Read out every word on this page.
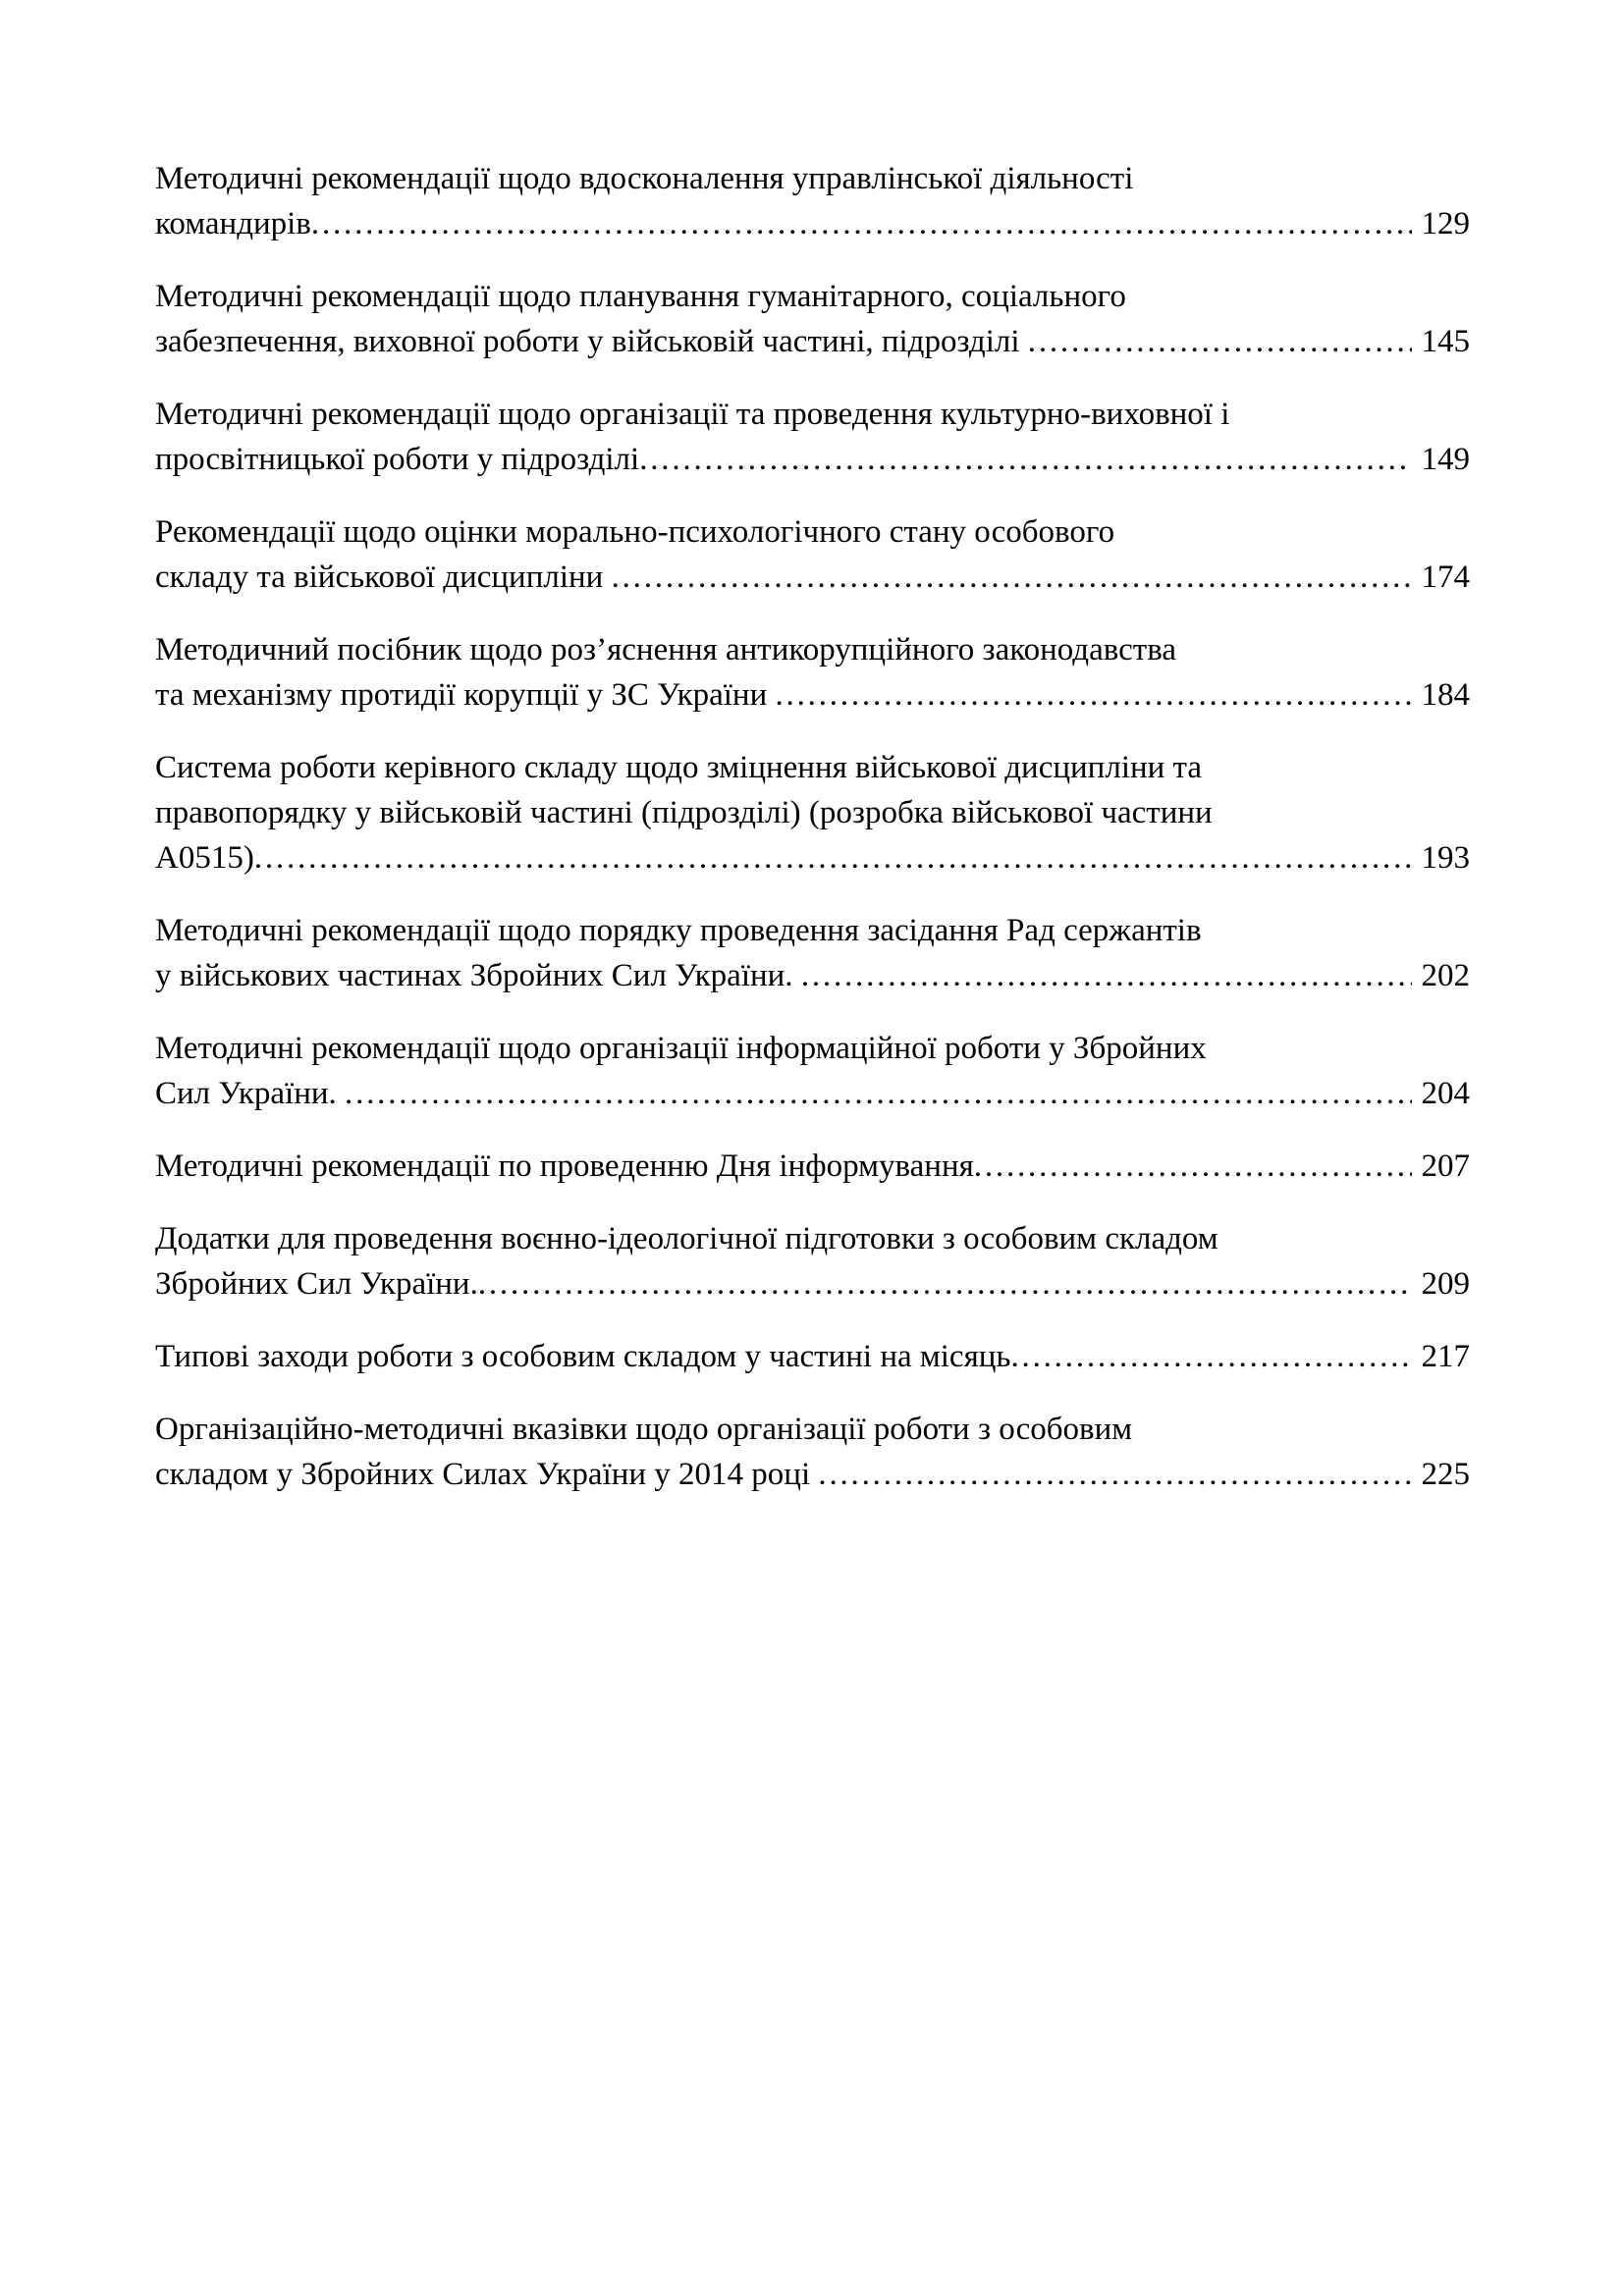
Методичні рекомендації щодо вдосконалення управлінської діяльності
командирів .....	129
Методичні рекомендації щодо планування гуманітарного, соціального
забезпечення, виховної роботи у військовій частині, підрозділі .....	145
Методичні рекомендації щодо організації та проведення культурно-виховної і
просвітницької роботи у підрозділі .....	149
Рекомендації щодо оцінки морально-психологічного стану особового
складу та військової дисципліни .....	174
Методичний посібник щодо роз’яснення антикорупційного законодавства
та механізму протидії корупції у ЗС України .....	184
Система роботи керівного складу щодо зміцнення військової дисципліни та
правопорядку у військовій частині (підрозділі) (розробка військової частини
А0515) .....	193
Методичні рекомендації щодо порядку проведення засідання Рад сержантів
у військових частинах Збройних Сил України. .....	202
Методичні рекомендації щодо організації інформаційної роботи у Збройних
Сил України. .....	204
Методичні рекомендації по проведенню Дня інформування .....	207
Додатки для проведення воєнно-ідеологічної підготовки з особовим складом
Збройних Сил України. .....	209
Типові заходи роботи з особовим складом у частині на місяць .....	217
Організаційно-методичні вказівки щодо організації роботи з особовим
складом у Збройних Силах України у 2014 році .....	225
